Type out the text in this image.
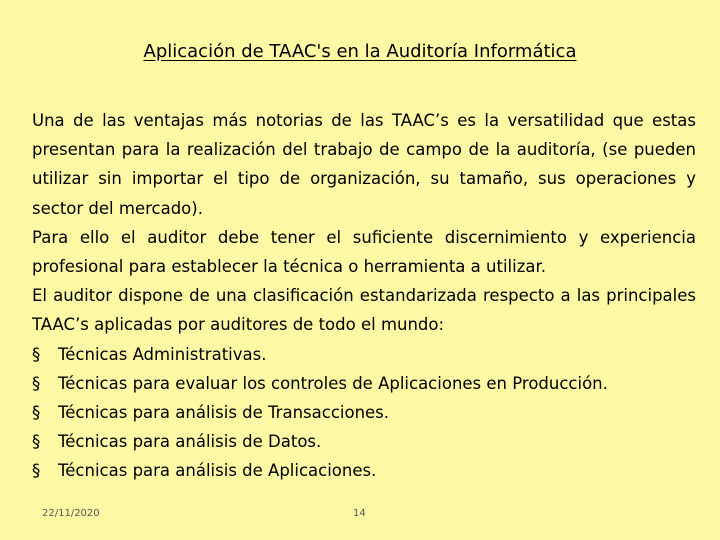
Aplicación de TAAC's en la Auditoría Informática

Una de las ventajas más notorias de las TAAC’s es la versatilidad que estas presentan para la realización del trabajo de campo de la auditoría, (se pueden utilizar sin importar el tipo de organización, su tamaño, sus operaciones y sector del mercado).

Para ello el auditor debe tener el suficiente discernimiento y experiencia profesional para establecer la técnica o herramienta a utilizar.

El auditor dispone de una clasificación estandarizada respecto a las principales TAAC’s aplicadas por auditores de todo el mundo:

§	Técnicas Administrativas.
§	Técnicas para evaluar los controles de Aplicaciones en Producción.
§	Técnicas para análisis de Transacciones.
§	Técnicas para análisis de Datos.
§	Técnicas para análisis de Aplicaciones.
22/11/2020	14
